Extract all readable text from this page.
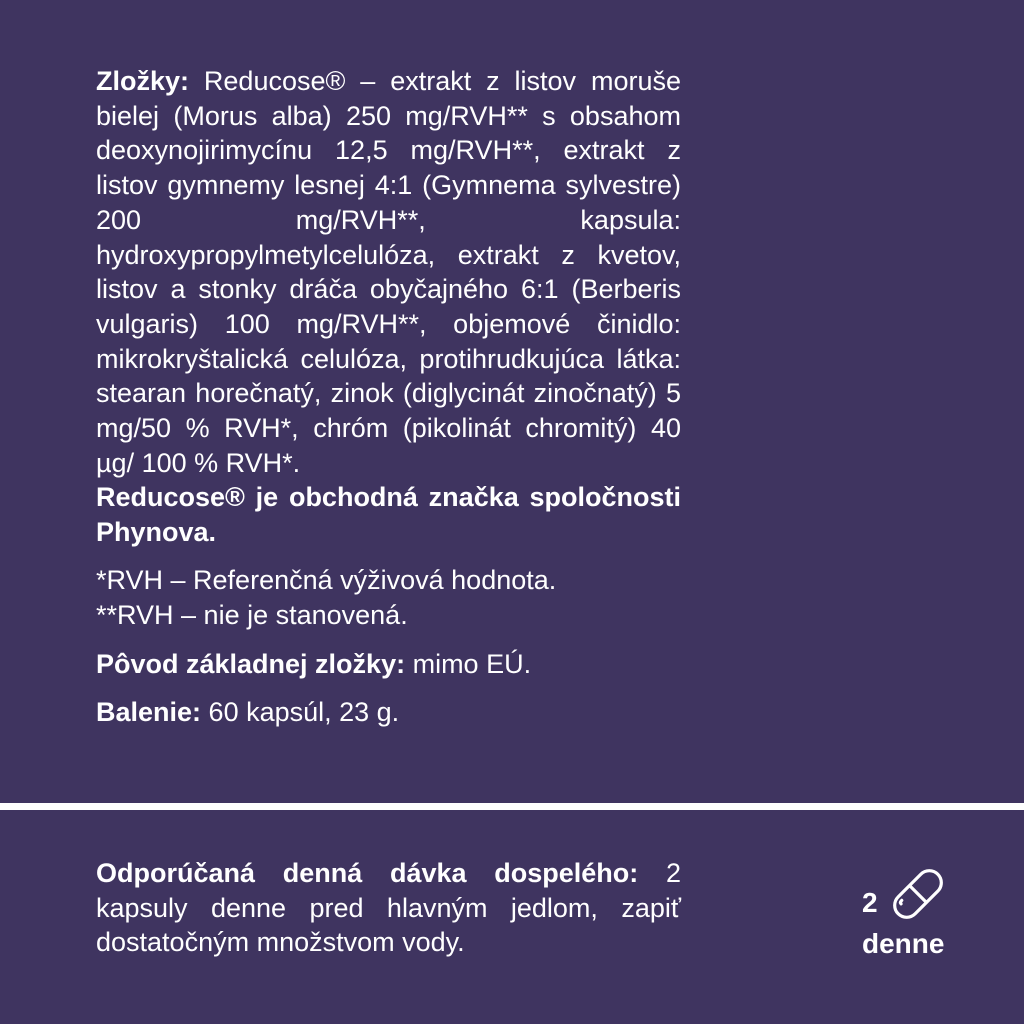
Zložky: Reducose® – extrakt z listov moruše bielej (Morus alba) 250 mg/RVH** s obsahom deoxynojirimycínu 12,5 mg/RVH**, extrakt z listov gymnemy lesnej 4:1 (Gymnema sylvestre) 200 mg/RVH**, kapsula: hydroxypropylmetylcelulóza, extrakt z kvetov, listov a stonky dráča obyčajného 6:1 (Berberis vulgaris) 100 mg/RVH**, objemové činidlo: mikrokryštalická celulóza, protihrudkujúca látka: stearan horečnatý, zinok (diglycinát zinočnatý) 5 mg/50 % RVH*, chróm (pikolinát chromitý) 40 µg/ 100 % RVH*.
Reducose® je obchodná značka spoločnosti Phynova.

*RVH – Referenčná výživová hodnota.
**RVH – nie je stanovená.

Pôvod základnej zložky: mimo EÚ.

Balenie: 60 kapsúl, 23 g.

Odporúčaná denná dávka dospelého: 2 kapsuly denne pred hlavným jedlom, zapiť dostatočným množstvom vody.

2
denne
